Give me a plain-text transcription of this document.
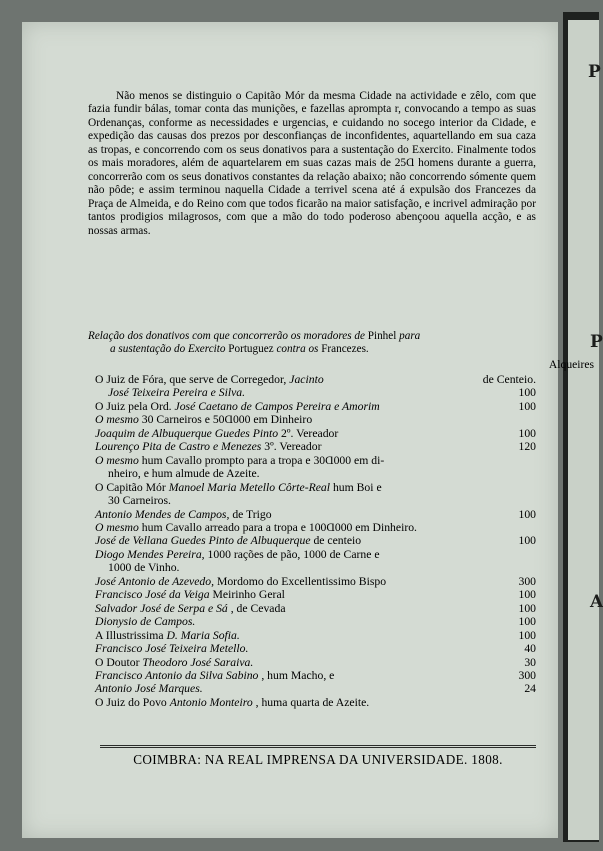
P
P
A
Não menos se distinguio o Capitão Mór da mesma Cidade na actividade e zêlo, com que fazia fundir bálas, tomar conta das munições, e fazellas aprompta r, convocando a tempo as suas Ordenanças, conforme as necessidades e urgencias, e cuidando no socego interior da Cidade, e expedição das causas dos prezos por desconfianças de inconfidentes, aquartellando em sua caza as tropas, e concorrendo com os seus donativos para a sustentação do Exercito. Finalmente todos os mais moradores, além de aquartelarem em suas cazas mais de 25Ɑ homens durante a guerra, concorrerão com os seus donativos constantes da relação abaixo; não concorrendo sómente quem não pôde; e assim terminou naquella Cidade a terrivel scena até á expulsão dos Francezes da Praça de Almeida, e do Reino com que todos ficarão na maior satisfação, e incrivel admiração por tantos prodigios milagrosos, com que a mão do todo poderoso abençoou aquella acção, e as nossas armas.
Relação dos donativos com que concorrerão os moradores de Pinhel para
a sustentação do Exercito Portuguez contra os Francezes.
Alqueires
O Juiz de Fóra, que serve de Corregedor, Jacinto	de Centeio.
José Teixeira Pereira e Silva.	100
O Juiz pela Ord. José Caetano de Campos Pereira e Amorim	100
O mesmo 30 Carneiros e 50Ɑ000 em Dinheiro
Joaquim de Albuquerque Guedes Pinto 2º. Vereador	100
Lourenço Pita de Castro e Menezes 3º. Vereador	120
O mesmo hum Cavallo prompto para a tropa e 30Ɑ000 em di-
nheiro, e hum almude de Azeite.
O Capitão Mór Manoel Maria Metello Côrte-Real hum Boi e
30 Carneiros.
Antonio Mendes de Campos, de Trigo	100
O mesmo hum Cavallo arreado para a tropa e 100Ɑ000 em Dinheiro.
José de Vellana Guedes Pinto de Albuquerque de centeio	100
Diogo Mendes Pereira, 1000 rações de pão, 1000 de Carne e
1000 de Vinho.
José Antonio de Azevedo, Mordomo do Excellentissimo Bispo	300
Francisco José da Veiga Meirinho Geral	100
Salvador José de Serpa e Sá , de Cevada	100
Dionysio de Campos.	100
A Illustrissima D. Maria Sofia.	100
Francisco José Teixeira Metello.	40
O Doutor Theodoro José Saraiva.	30
Francisco Antonio da Silva Sabino , hum Macho, e	300
Antonio José Marques.	24
O Juiz do Povo Antonio Monteiro , huma quarta de Azeite.
COIMBRA: NA REAL IMPRENSA DA UNIVERSIDADE. 1808.
